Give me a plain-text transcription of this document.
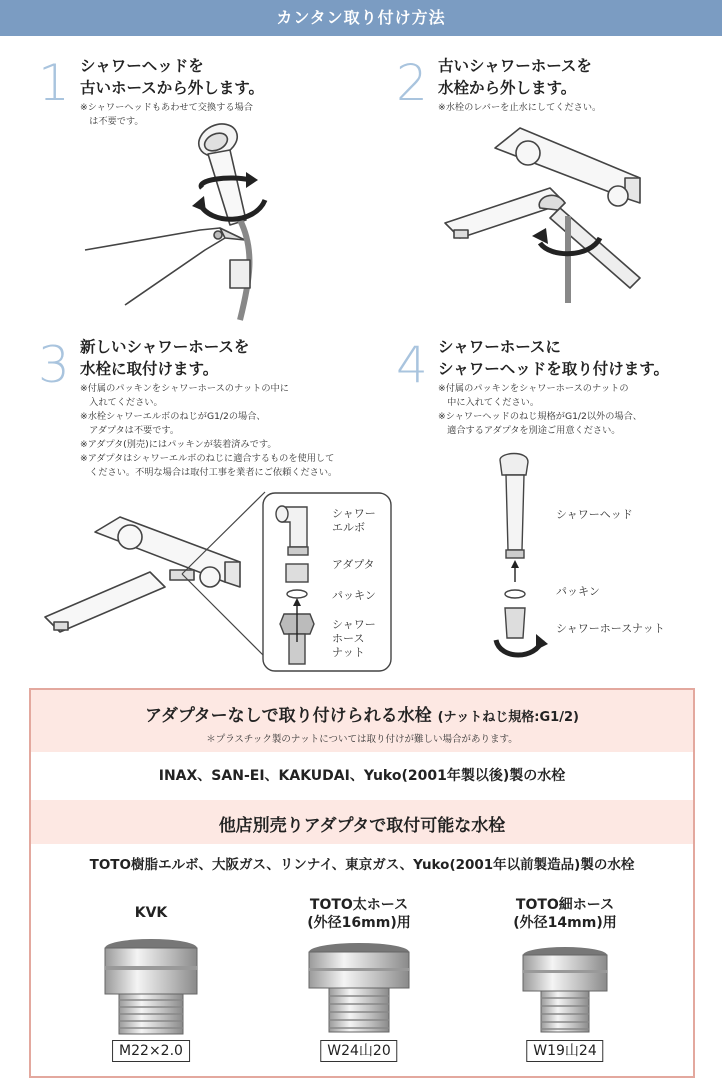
カンタン取り付け方法
1 シャワーヘッドを
古いホースから外します。
※シャワーヘッドもあわせて交換する場合
　は不要です。
2 古いシャワーホースを
水栓から外します。
※水栓のレバーを止水にしてください。
3 新しいシャワーホースを
水栓に取付けます。
※付属のパッキンをシャワーホースのナットの中に
　入れてください。
※水栓シャワーエルボのねじがG1/2の場合、
　アダプタは不要です。
※アダプタ(別売)にはパッキンが装着済みです。
※アダプタはシャワーエルボのねじに適合するものを使用して
　ください。不明な場合は取付工事を業者にご依頼ください。
シャワー
エルボ
アダプタ
パッキン
シャワー
ホース
ナット
4 シャワーホースに
シャワーヘッドを取り付けます。
※付属のパッキンをシャワーホースのナットの
　中に入れてください。
※シャワーヘッドのねじ規格がG1/2以外の場合、
　適合するアダプタを別途ご用意ください。
シャワーヘッド
パッキン
シャワーホースナット
アダプターなしで取り付けられる水栓 (ナットねじ規格:G1/2)
＊プラスチック製のナットについては取り付けが難しい場合があります。
INAX、SAN-EI、KAKUDAI、Yuko(2001年製以後)製の水栓
他店別売りアダプタで取付可能な水栓
TOTO樹脂エルボ、大阪ガス、リンナイ、東京ガス、Yuko(2001年以前製造品)製の水栓
KVK
M22×2.0
TOTO太ホース
(外径16mm)用
W24山20
TOTO細ホース
(外径14mm)用
W19山24
